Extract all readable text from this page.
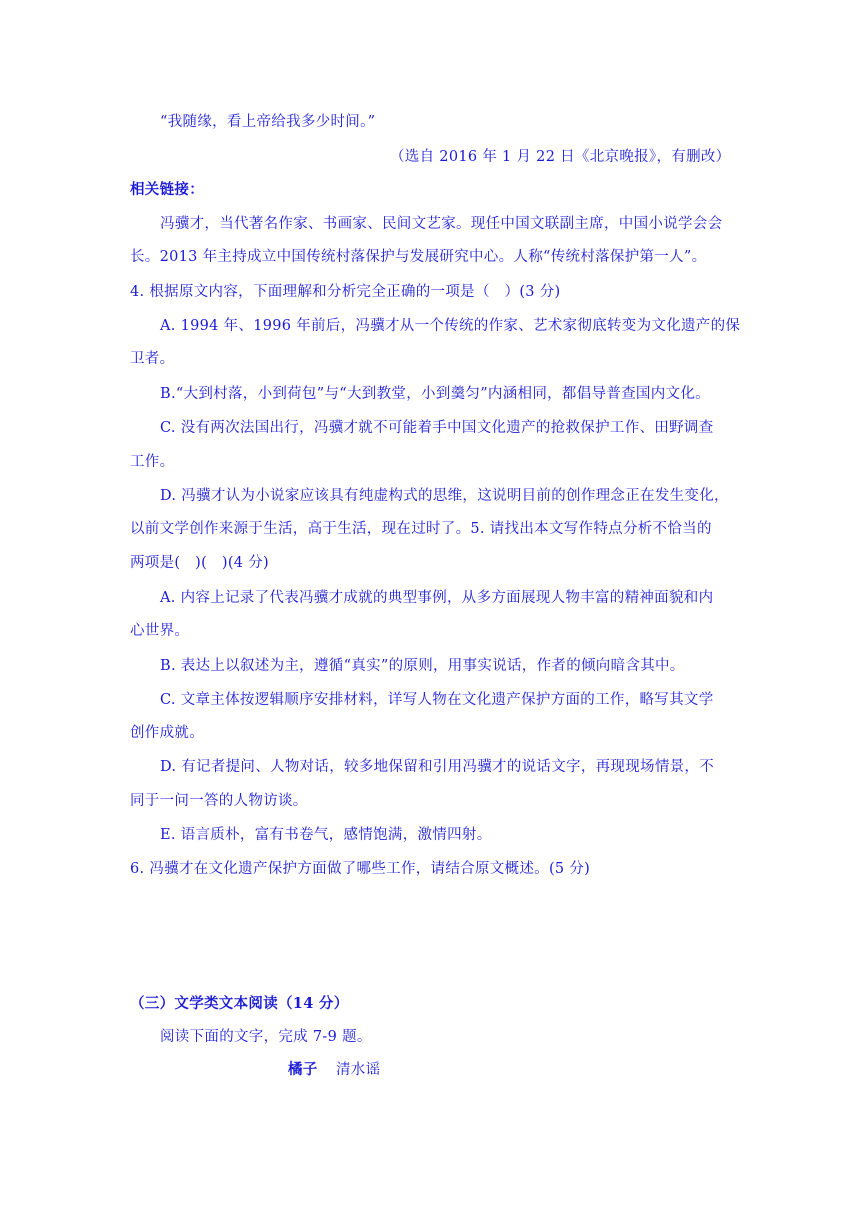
“我随缘，看上帝给我多少时间。”
（选自 2016 年 1 月 22 日《北京晚报》，有删改）
相关链接：
冯骥才，当代著名作家、书画家、民间文艺家。现任中国文联副主席，中国小说学会会
长。2013 年主持成立中国传统村落保护与发展研究中心。人称“传统村落保护第一人”。
4. 根据原文内容，下面理解和分析完全正确的一项是（　）(3 分)
A. 1994 年、1996 年前后，冯骥才从一个传统的作家、艺术家彻底转变为文化遗产的保
卫者。
B.“大到村落，小到荷包”与“大到教堂，小到羹匀”内涵相同，都倡导普查国内文化。
C. 没有两次法国出行，冯骥才就不可能着手中国文化遗产的抢救保护工作、田野调查
工作。
D. 冯骥才认为小说家应该具有纯虚构式的思维，这说明目前的创作理念正在发生变化，
以前文学创作来源于生活，高于生活，现在过时了。5. 请找出本文写作特点分析不恰当的
两项是(　)(　)(4 分)
A. 内容上记录了代表冯骥才成就的典型事例，从多方面展现人物丰富的精神面貌和内
心世界。
B. 表达上以叙述为主，遵循“真实”的原则，用事实说话，作者的倾向暗含其中。
C. 文章主体按逻辑顺序安排材料，详写人物在文化遗产保护方面的工作，略写其文学
创作成就。
D. 有记者提问、人物对话，较多地保留和引用冯骥才的说话文字，再现现场情景，不
同于一问一答的人物访谈。
E. 语言质朴，富有书卷气，感情饱满，激情四射。
6. 冯骥才在文化遗产保护方面做了哪些工作，请结合原文概述。(5 分)
（三）文学类文本阅读（14 分）
阅读下面的文字，完成 7-9 题。
橘子 清水谣
